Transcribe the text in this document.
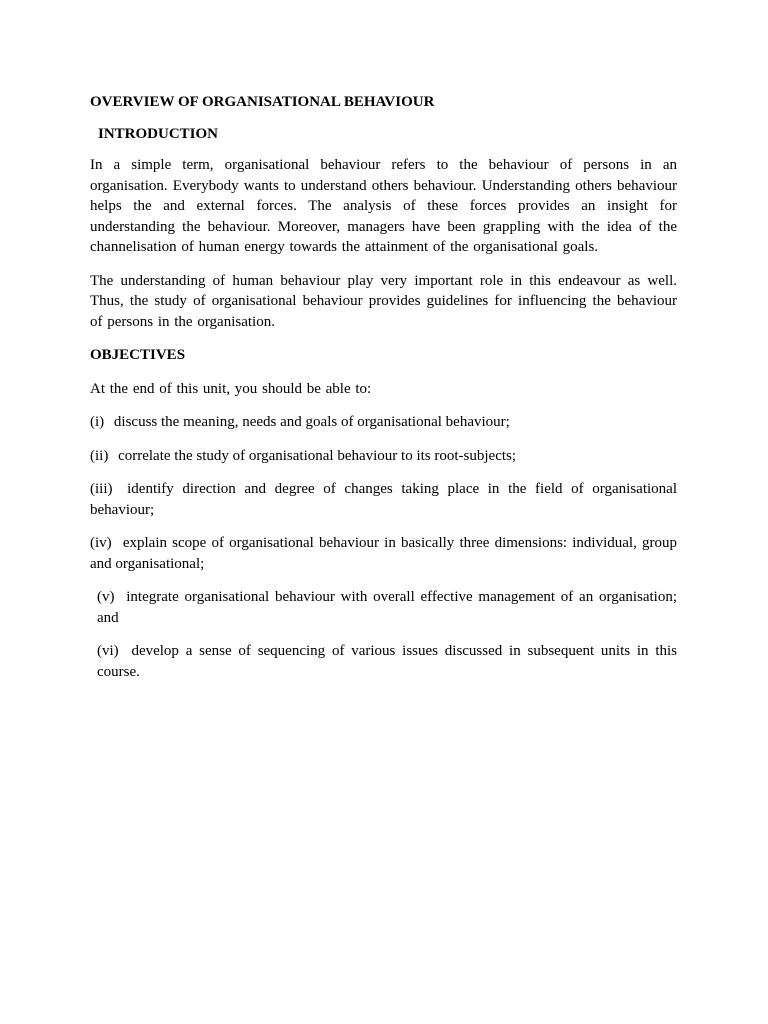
OVERVIEW OF ORGANISATIONAL BEHAVIOUR

INTRODUCTION

In a simple term, organisational behaviour refers to the behaviour of persons in an organisation. Everybody wants to understand others behaviour. Understanding others behaviour helps the and external forces. The analysis of these forces provides an insight for understanding the behaviour. Moreover, managers have been grappling with the idea of the channelisation of human energy towards the attainment of the organisational goals.

The understanding of human behaviour play very important role in this endeavour as well. Thus, the study of organisational behaviour provides guidelines for influencing the behaviour of persons in the organisation.

OBJECTIVES

At the end of this unit, you should be able to:

(i) discuss the meaning, needs and goals of organisational behaviour;

(ii) correlate the study of organisational behaviour to its root-subjects;

(iii) identify direction and degree of changes taking place in the field of organisational behaviour;

(iv) explain scope of organisational behaviour in basically three dimensions: individual, group and organisational;

(v) integrate organisational behaviour with overall effective management of an organisation; and

(vi) develop a sense of sequencing of various issues discussed in subsequent units in this course.
